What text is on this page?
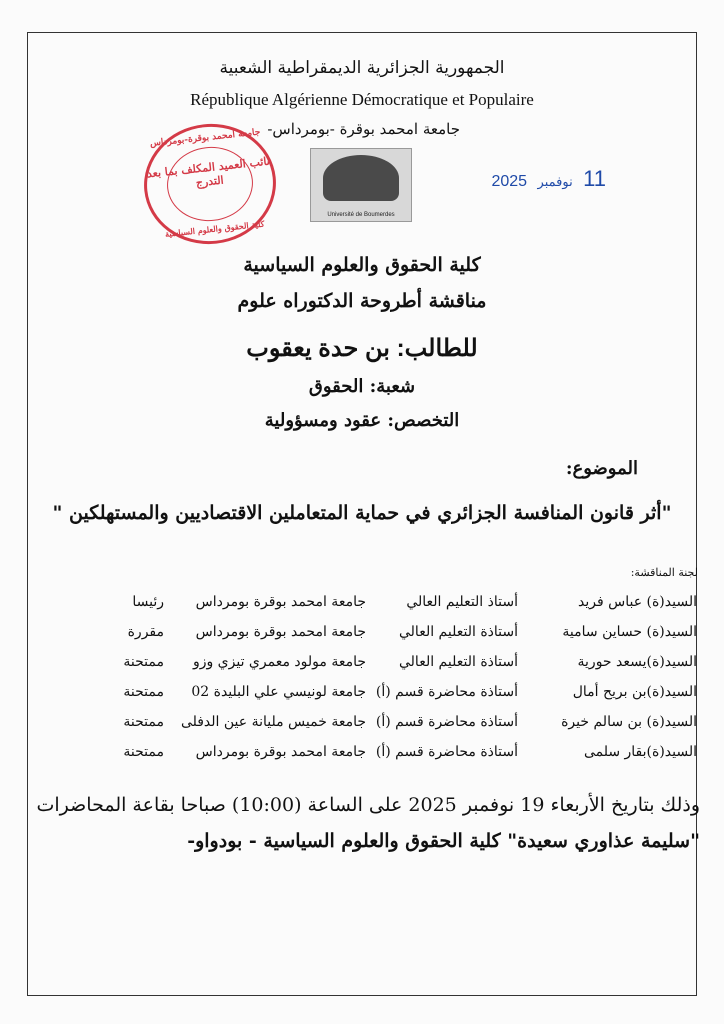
الجمهورية الجزائرية الديمقراطية الشعبية
République Algérienne Démocratique et Populaire
جامعة امحمد بوقرة -بومرداس-
جامعة امحمد بوقرة-بومرداس
نائب العميد المكلف بما بعد التدرج
كلية الحقوق والعلوم السياسية
Université de Boumerdes
11 نوفمبر 2025
كلية الحقوق والعلوم السياسية
مناقشة أطروحة الدكتوراه علوم
للطالب: بن حدة يعقوب
شعبة: الحقوق
التخصص: عقود ومسؤولية
الموضوع:
"أثر قانون المنافسة الجزائري في حماية المتعاملين الاقتصاديين والمستهلكين "
لجنة المناقشة:
السيد(ة) عباس فريد
أستاذ التعليم العالي
جامعة امحمد بوقرة بومرداس
رئيسا
السيد(ة) حساين سامية
أستاذة التعليم العالي
جامعة امحمد بوقرة بومرداس
مقررة
السيد(ة)يسعد حورية
أستاذة التعليم العالي
جامعة مولود معمري تيزي وزو
ممتحنة
السيد(ة)بن بريح أمال
أستاذة محاضرة قسم (أ)
جامعة لونيسي علي البليدة 02
ممتحنة
السيد(ة) بن سالم خيرة
أستاذة محاضرة قسم (أ)
جامعة خميس مليانة عين الدفلى
ممتحنة
السيد(ة)بقار سلمى
أستاذة محاضرة قسم (أ)
جامعة امحمد بوقرة بومرداس
ممتحنة
وذلك بتاريخ الأربعاء 19 نوفمبر 2025 على الساعة (10:00) صباحا بقاعة المحاضرات
"سليمة عذاوري سعيدة" كلية الحقوق والعلوم السياسية - بودواو-
